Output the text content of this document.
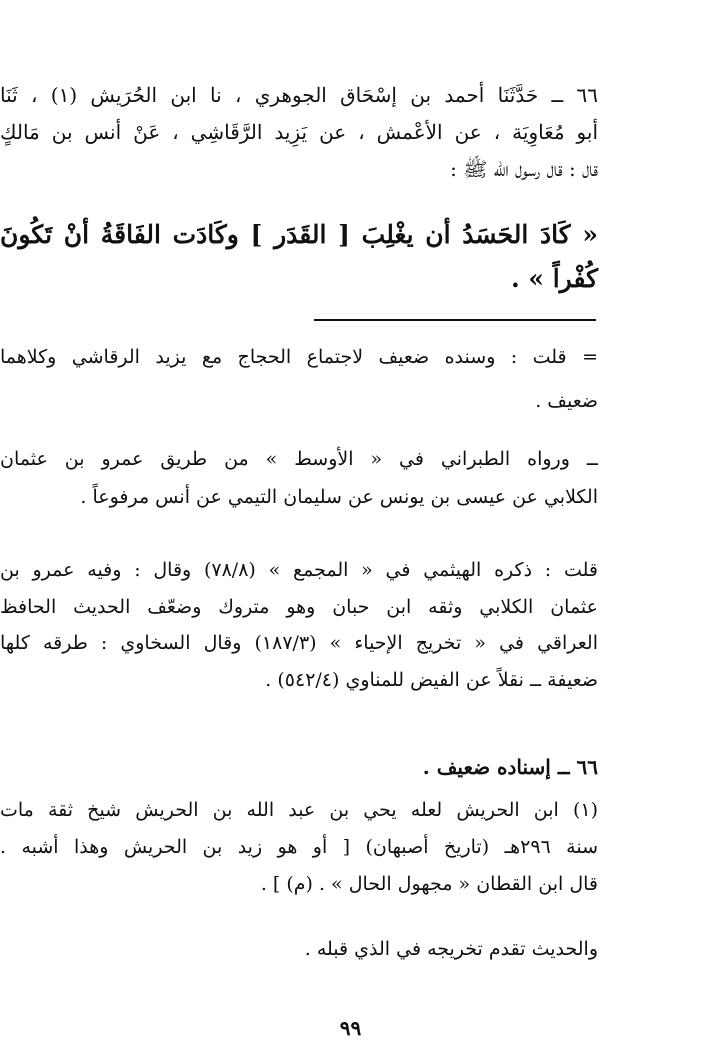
٦٦ ــ حَدَّثَنَا أحمد بن إسْحَاق الجوهري ، نا ابن الحُرَيش (١) ، ثَنَا
أبو مُعَاوِيَة ، عن الأعْمش ، عن يَزِيد الرَّقَاشِي ، عَنْ أنس بن مَالكٍ
قال : قال رسول الله ﷺ :
« كَادَ الحَسَدُ أن يغْلِبَ [ القَدَر ] وكَادَت الفَاقَةُ أنْ تَكُونَ
كُفْراً » .
= قلت : وسنده ضعيف لاجتماع الحجاج مع يزيد الرقاشي وكلاهما
ضعيف .
ــ ورواه الطبراني في « الأوسط » من طريق عمرو بن عثمان
الكلابي عن عيسى بن يونس عن سليمان التيمي عن أنس مرفوعاً .
قلت : ذكره الهيثمي في « المجمع » (٧٨/٨) وقال : وفيه عمرو بن
عثمان الكلابي وثقه ابن حبان وهو متروك وضعّف الحديث الحافظ
العراقي في « تخريج الإحياء » (١٨٧/٣) وقال السخاوي : طرقه كلها
ضعيفة ــ نقلاً عن الفيض للمناوي (٥٤٢/٤) .
٦٦ ــ إسناده ضعيف .
(١) ابن الحريش لعله يحي بن عبد الله بن الحريش شيخ ثقة مات
سنة ٢٩٦هـ (تاريخ أصبهان) [ أو هو زيد بن الحريش وهذا أشبه .
قال ابن القطان « مجهول الحال » . (م) ] .
والحديث تقدم تخريجه في الذي قبله .
٩٩
